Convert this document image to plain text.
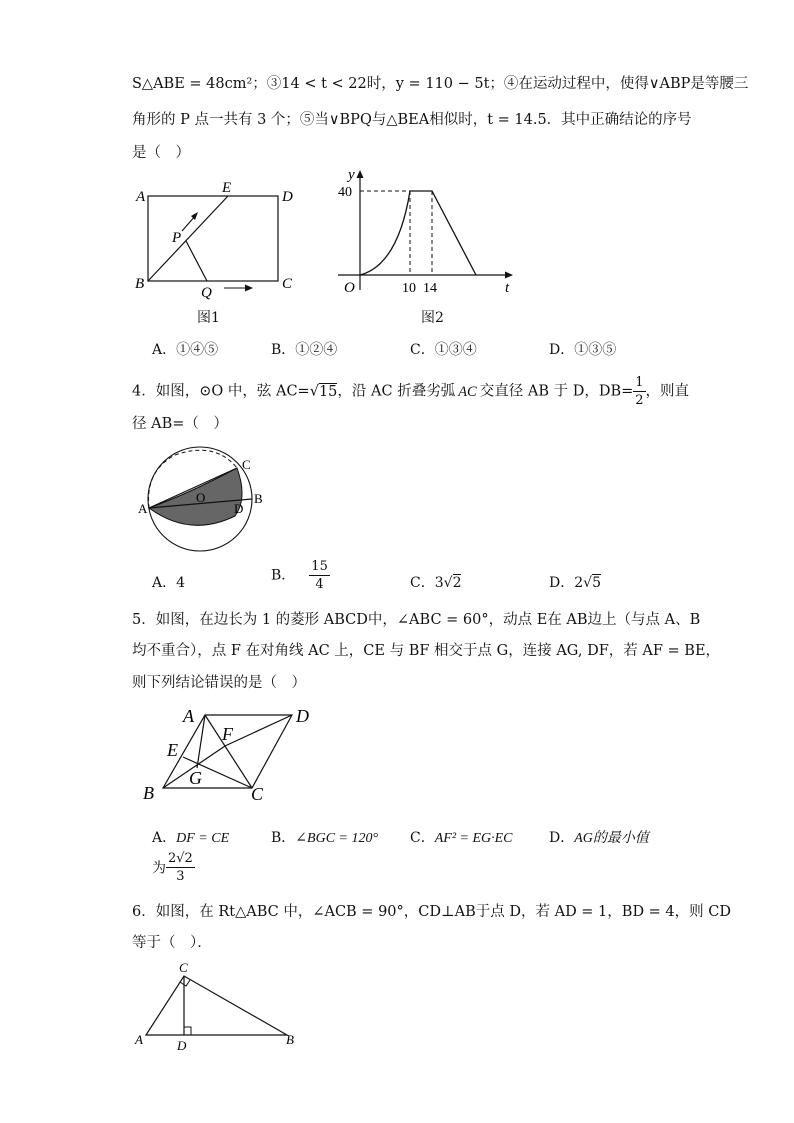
S△ABE = 48cm²；③14 < t < 22时，y = 110 − 5t；④在运动过程中，使得∨ABP是等腰三
角形的 P 点一共有 3 个；⑤当∨BPQ与△BEA相似时，t = 14.5．其中正确结论的序号
是（　）
A
B	C
D
E
P
Q
图1
y
40
O	10 14	t
图2
A．①④⑤	B．①②④	C．①③④	D．①③⑤
4．如图，⊙O 中，弦 AC=√15，沿 AC 折叠劣弧 AC 交直径 AB 于 D，$DB= \frac{1}{2}$ ，则直
径 AB=（　）
A
B
C
D
O
A．4	B． $\frac{15}{4}$	C．3√2	D．2√5
5．如图，在边长为 1 的菱形 ABCD中，∠ABC = 60°，动点 E在 AB边上（与点 A、B
均不重合），点 F 在对角线 AC 上，CE 与 BF 相交于点 G，连接 AG, DF，若 AF = BE，
则下列结论错误的是（　）
A
B	C
D
E
F
G
A．DF = CE	B．∠BGC = 120° C．AF² = EG·EC	D．AG的最小值
为 $\frac{2√2}{3}$
6．如图，在 Rt△ABC 中，∠ACB = 90°，CD⊥AB于点 D，若 AD = 1，BD = 4，则 CD
等于（　）．
A	B
C
D
